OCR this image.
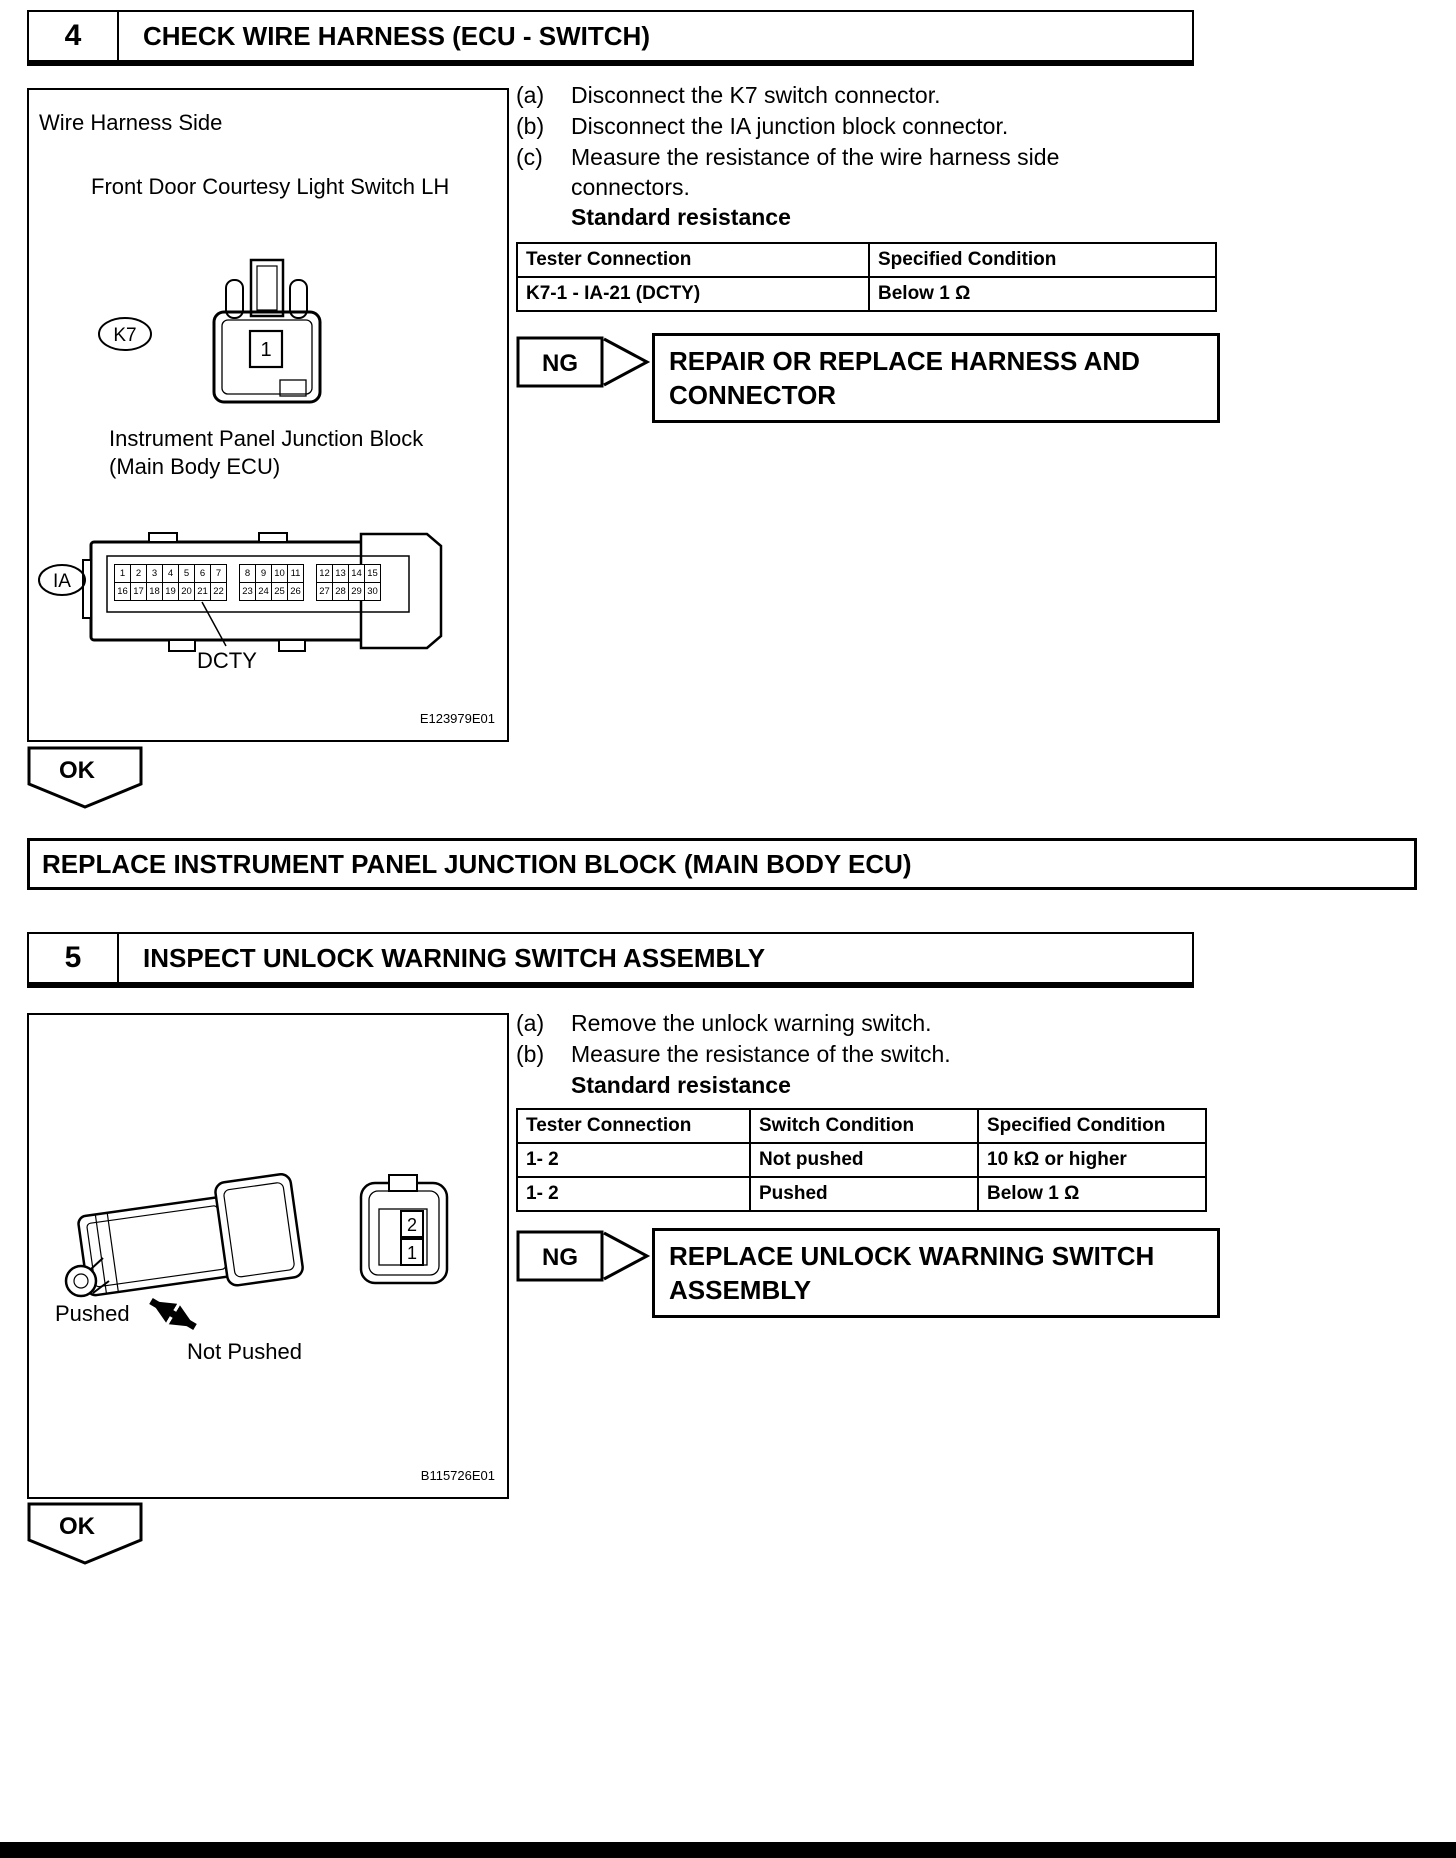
4	CHECK WIRE HARNESS (ECU - SWITCH)
1
K7
IA	1	2	3	4	5	6	7	8	9 10 11	12 13 14 15
16 17 18 19 20 21 22	23 24 25 26	27 28 29 30
Wire Harness Side
Front Door Courtesy Light Switch LH
Instrument Panel Junction Block
(Main Body ECU)
DCTY
E123979E01
(a)	Disconnect the K7 switch connector.
(b)	Disconnect the IA junction block connector.
(c)	Measure the resistance of the wire harness side connectors.
Standard resistance
Tester Connection	Specified Condition
K7-1 - IA-21 (DCTY)	Below 1 Ω
NG	REPAIR OR REPLACE HARNESS AND CONNECTOR
OK
REPLACE INSTRUMENT PANEL JUNCTION BLOCK (MAIN BODY ECU)
5	INSPECT UNLOCK WARNING SWITCH ASSEMBLY
2
1
Pushed
Not Pushed
B115726E01
(a)	Remove the unlock warning switch.
(b)	Measure the resistance of the switch.
Standard resistance
Tester Connection	Switch Condition	Specified Condition
1- 2	Not pushed	10 kΩ or higher
1- 2	Pushed	Below 1 Ω
NG	REPLACE UNLOCK WARNING SWITCH ASSEMBLY
OK
